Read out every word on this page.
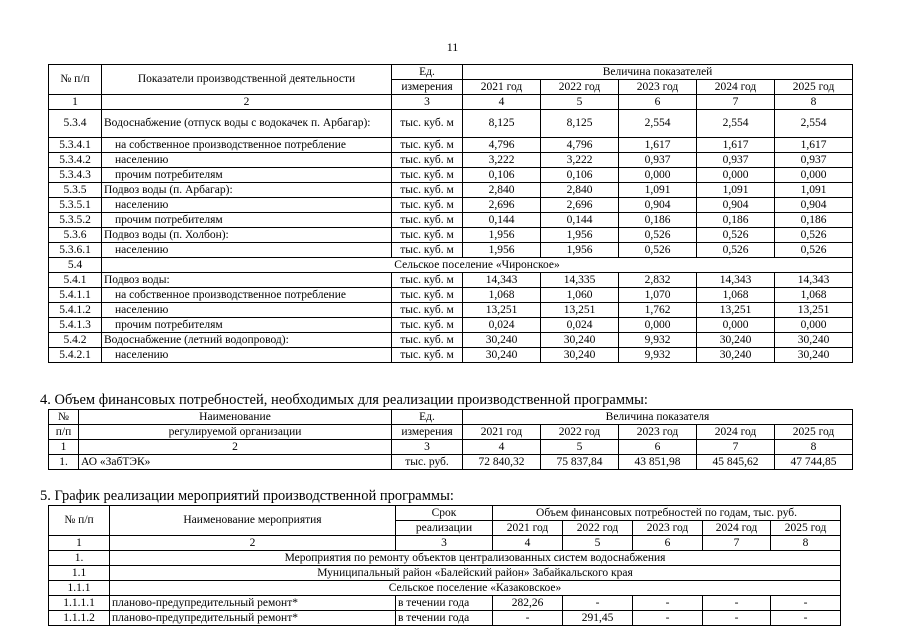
11
№ п/п	Показатели производственной деятельности	Ед.	Величина показателей				
		измерения	2021 год	2022 год	2023 год	2024 год	2025 год
1	2	3	4	5	6	7	8
5.3.4	Водоснабжение (отпуск воды с водокачек п. Арбагар):	тыс. куб. м	8,125	8,125	2,554	2,554	2,554
5.3.4.1	на собственное производственное потребление	тыс. куб. м	4,796	4,796	1,617	1,617	1,617
5.3.4.2	населению	тыс. куб. м	3,222	3,222	0,937	0,937	0,937
5.3.4.3	прочим потребителям	тыс. куб. м	0,106	0,106	0,000	0,000	0,000
5.3.5	Подвоз воды (п. Арбагар):	тыс. куб. м	2,840	2,840	1,091	1,091	1,091
5.3.5.1	населению	тыс. куб. м	2,696	2,696	0,904	0,904	0,904
5.3.5.2	прочим потребителям	тыс. куб. м	0,144	0,144	0,186	0,186	0,186
5.3.6	Подвоз воды (п. Холбон):	тыс. куб. м	1,956	1,956	0,526	0,526	0,526
5.3.6.1	населению	тыс. куб. м	1,956	1,956	0,526	0,526	0,526
5.4	Сельское поселение «Чиронское»						
5.4.1	Подвоз воды:	тыс. куб. м	14,343	14,335	2,832	14,343	14,343
5.4.1.1	на собственное производственное потребление	тыс. куб. м	1,068	1,060	1,070	1,068	1,068
5.4.1.2	населению	тыс. куб. м	13,251	13,251	1,762	13,251	13,251
5.4.1.3	прочим потребителям	тыс. куб. м	0,024	0,024	0,000	0,000	0,000
5.4.2	Водоснабжение (летний водопровод):	тыс. куб. м	30,240	30,240	9,932	30,240	30,240
5.4.2.1	населению	тыс. куб. м	30,240	30,240	9,932	30,240	30,240
4. Объем финансовых потребностей, необходимых для реализации производственной программы:
№	Наименование	Ед.	Величина показателя				
п/п	регулируемой организации	измерения	2021 год	2022 год	2023 год	2024 год	2025 год
1	2	3	4	5	6	7	8
1.	АО «ЗабТЭК»	тыс. руб.	72 840,32	75 837,84	43 851,98	45 845,62	47 744,85
5. График реализации мероприятий производственной программы:
№ п/п	Наименование мероприятия	Срок	Объем финансовых потребностей по годам, тыс. руб.				
		реализации	2021 год	2022 год	2023 год	2024 год	2025 год
1	2	3	4	5	6	7	8
1.	Мероприятия по ремонту объектов централизованных систем водоснабжения						
1.1	Муниципальный район «Балейский район» Забайкальского края						
1.1.1	Сельское поселение «Казаковское»						
1.1.1.1	планово-предупредительный ремонт*	в течении года	282,26	-	-	-	-
1.1.1.2	планово-предупредительный ремонт*	в течении года	-	291,45	-	-	-
